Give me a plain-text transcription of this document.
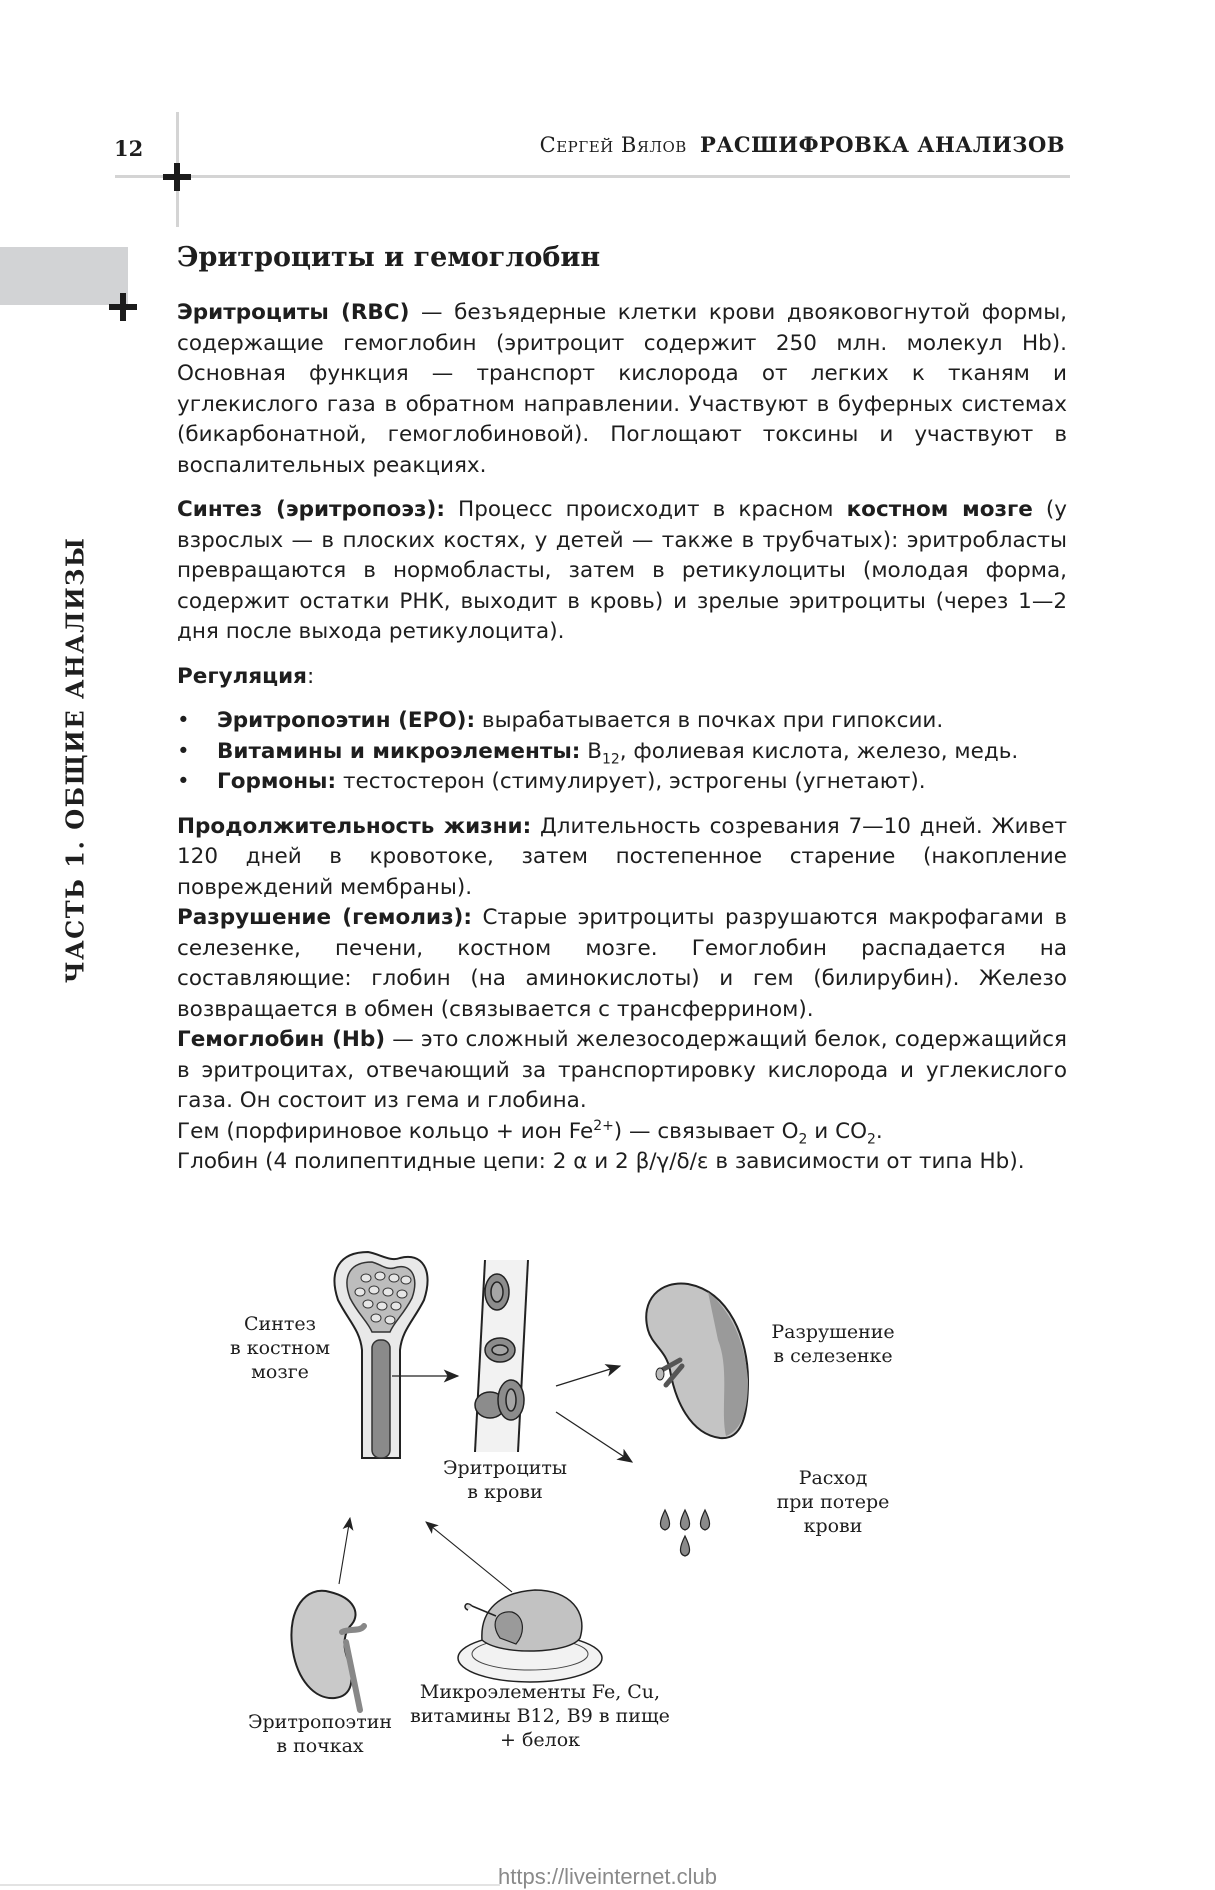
12	Сергей Вялов РАСШИФРОВКА АНАЛИЗОВ
ЧАСТЬ 1. ОБЩИЕ АНАЛИЗЫ
Эритроциты и гемоглобин

Эритроциты (RBC) — безъядерные клетки крови двояковогнутой формы, содержащие гемоглобин (эритроцит содержит 250 млн. молекул Hb). Основная функция — транспорт кислорода от легких к тканям и углекислого газа в обратном направлении. Участвуют в буферных системах (бикарбонатной, гемоглобиновой). Поглощают токсины и участвуют в воспалительных реакциях.

Синтез (эритропоэз): Процесс происходит в красном костном мозге (у взрослых — в плоских костях, у детей — также в трубчатых): эритробласты превращаются в нормобласты, затем в ретикулоциты (молодая форма, содержит остатки РНК, выходит в кровь) и зрелые эритроциты (через 1—2 дня после выхода ретикулоцита).

Регуляция:

• Эритропоэтин (EPO): вырабатывается в почках при гипоксии.
• Витамины и микроэлементы: $B_{12}$, фолиевая кислота, железо, медь.
• Гормоны: тестостерон (стимулирует), эстрогены (угнетают).

Продолжительность жизни: Длительность созревания 7—10 дней. Живет 120 дней в кровотоке, затем постепенное старение (накопление повреждений мембраны).

Разрушение (гемолиз): Старые эритроциты разрушаются макрофагами в селезенке, печени, костном мозге. Гемоглобин распадается на составляющие: глобин (на аминокислоты) и гем (билирубин). Железо возвращается в обмен (связывается с трансферрином).

Гемоглобин (Hb) — это сложный железосодержащий белок, содержащийся в эритроцитах, отвечающий за транспортировку кислорода и углекислого газа. Он состоит из гема и глобина.

Гем (порфириновое кольцо + ион $Fe^{2+}$) — связывает $O_2$ и $CO_2$.

Глобин (4 полипептидные цепи: 2 α и 2 β/γ/δ/ε в зависимости от типа Hb).

Синтез
в костном
мозге
Эритроциты
в крови
Разрушение
в селезенке
Расход
при потере
крови
Эритропоэтин
в почках
Микроэлементы Fe, Cu,
витамины B12, B9 в пище
+ белок
https://liveinternet.club
